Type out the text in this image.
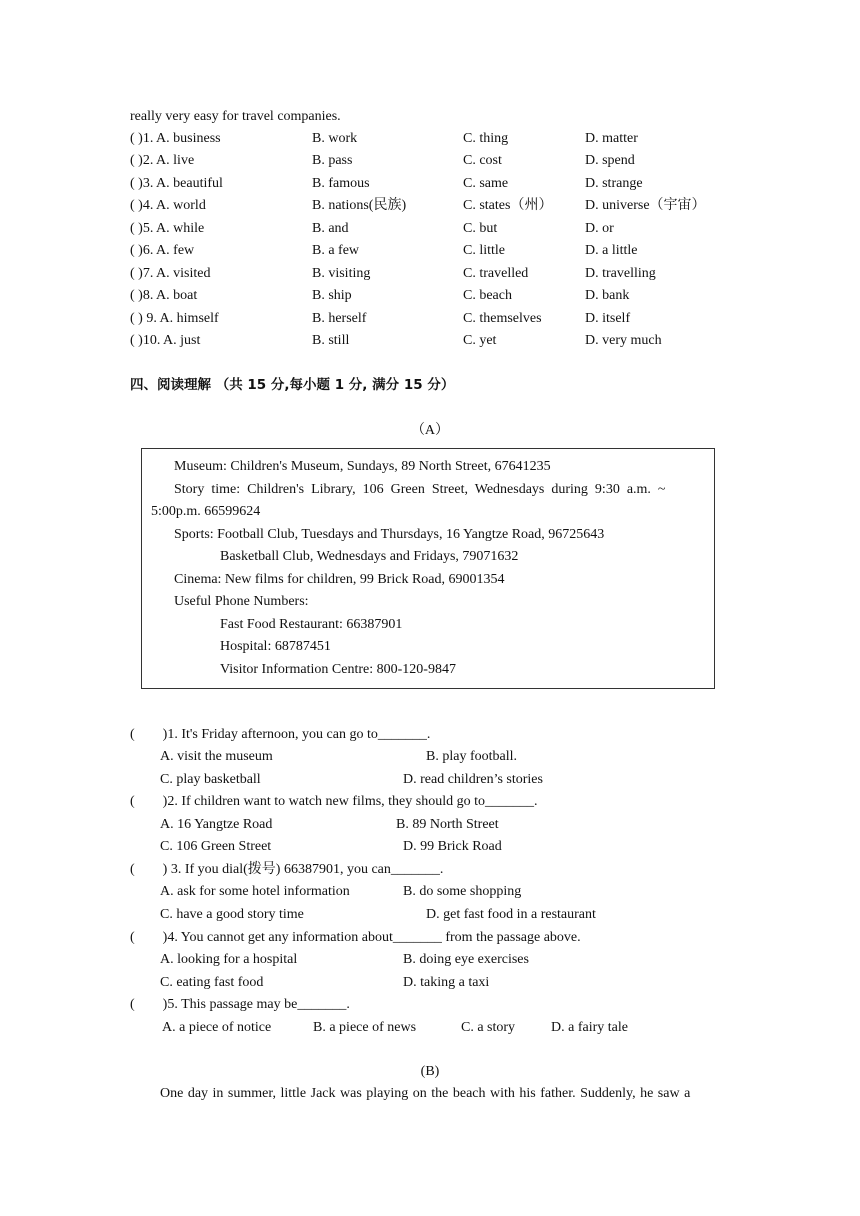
really very easy for travel companies.
( )1. A. business	B. work	C. thing	D. matter
( )2. A. live	B. pass	C. cost	D. spend
( )3. A. beautiful	B. famous	C. same	D. strange
( )4. A. world	B. nations(民族)	C. states（州） D. universe（宇宙）
( )5. A. while	B. and	C. but	D. or
( )6. A. few	B. a few	C. little	D. a little
( )7. A. visited	B. visiting	C. travelled	D. travelling
( )8. A. boat	B. ship	C. beach	D. bank
( ) 9. A. himself	B. herself	C. themselves	D. itself
( )10. A. just	B. still	C. yet	D. very much
四、阅读理解 （共 15 分,每小题 1 分, 满分 15 分）
（A）
Museum: Children's Museum, Sundays, 89 North Street, 67641235
Story  time:  Children's  Library,  106  Green  Street,  Wednesdays  during  9:30  a.m.  ~
5:00p.m. 66599624
Sports: Football Club, Tuesdays and Thursdays, 16 Yangtze Road, 96725643
Basketball Club, Wednesdays and Fridays, 79071632
Cinema: New films for children, 99 Brick Road, 69001354
Useful Phone Numbers:
Fast Food Restaurant: 66387901
Hospital: 68787451
Visitor Information Centre: 800-120-9847
(        )1. It's Friday afternoon, you can go to_______.
A. visit the museum	B. play football.
C. play basketball	D. read children’s stories
(        )2. If children want to watch new films, they should go to_______.
A. 16 Yangtze Road	B. 89 North Street
C. 106 Green Street	D. 99 Brick Road
(        ) 3. If you dial(拨号) 66387901, you can_______.
A. ask for some hotel information	B. do some shopping
C. have a good story time	D. get fast food in a restaurant
(        )4. You cannot get any information about_______ from the passage above.
A. looking for a hospital	B. doing eye exercises
C. eating fast food	D. taking a taxi
(        )5. This passage may be_______.
A. a piece of notice	B. a piece of news	C. a story	D. a fairy tale
(B)
One day in summer, little Jack was playing on the beach with his father. Suddenly, he saw a
